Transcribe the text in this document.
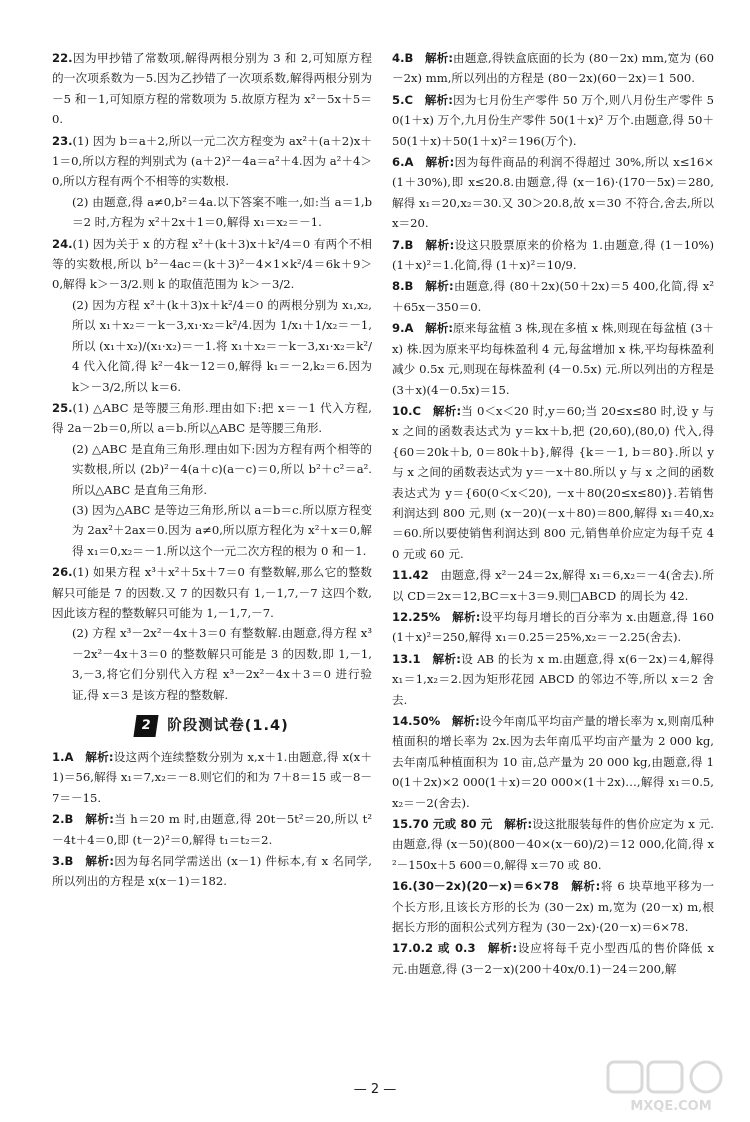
22.因为甲抄错了常数项,解得两根分别为 3 和 2,可知原方程的一次项系数为－5.因为乙抄错了一次项系数,解得两根分别为－5 和－1,可知原方程的常数项为 5.故原方程为 x²－5x＋5＝0.
23.(1) 因为 b＝a＋2,所以一元二次方程变为 ax²＋(a＋2)x＋1＝0,所以方程的判别式为 (a＋2)²－4a＝a²＋4.因为 a²＋4＞0,所以方程有两个不相等的实数根.
(2) 由题意,得 a≠0,b²＝4a.以下答案不唯一,如:当 a＝1,b＝2 时,方程为 x²＋2x＋1＝0,解得 x₁＝x₂＝－1.
24.(1) 因为关于 x 的方程 x²＋(k＋3)x＋k²/4＝0 有两个不相等的实数根,所以 b²－4ac＝(k＋3)²－4×1×k²/4＝6k＋9＞0,解得 k＞－3/2.则 k 的取值范围为 k＞－3/2.
(2) 因为方程 x²＋(k＋3)x＋k²/4＝0 的两根分别为 x₁,x₂,所以 x₁＋x₂＝－k－3,x₁·x₂＝k²/4.因为 1/x₁＋1/x₂＝－1,所以 (x₁＋x₂)/(x₁·x₂)＝－1.将 x₁＋x₂＝－k－3,x₁·x₂＝k²/4 代入化简,得 k²－4k－12＝0,解得 k₁＝－2,k₂＝6.因为 k＞－3/2,所以 k＝6.
25.(1) △ABC 是等腰三角形.理由如下:把 x＝－1 代入方程,得 2a－2b＝0,所以 a＝b.所以△ABC 是等腰三角形.
(2) △ABC 是直角三角形.理由如下:因为方程有两个相等的实数根,所以 (2b)²－4(a＋c)(a－c)＝0,所以 b²＋c²＝a².所以△ABC 是直角三角形.
(3) 因为△ABC 是等边三角形,所以 a＝b＝c.所以原方程变为 2ax²＋2ax＝0.因为 a≠0,所以原方程化为 x²＋x＝0,解得 x₁＝0,x₂＝－1.所以这个一元二次方程的根为 0 和－1.
26.(1) 如果方程 x³＋x²＋5x＋7＝0 有整数解,那么它的整数解只可能是 7 的因数.又 7 的因数只有 1,－1,7,－7 这四个数,因此该方程的整数解只可能为 1,－1,7,－7.
(2) 方程 x³－2x²－4x＋3＝0 有整数解.由题意,得方程 x³－2x²－4x＋3＝0 的整数解只可能是 3 的因数,即 1,－1,3,－3,将它们分别代入方程 x³－2x²－4x＋3＝0 进行验证,得 x＝3 是该方程的整数解.
2	阶段测试卷(1.4)
1.A  解析:设这两个连续整数分别为 x,x＋1.由题意,得 x(x＋1)＝56,解得 x₁＝7,x₂＝－8.则它们的和为 7＋8＝15 或－8－7＝－15.
2.B  解析:当 h＝20 m 时,由题意,得 20t－5t²＝20,所以 t²－4t＋4＝0,即 (t－2)²＝0,解得 t₁＝t₂＝2.
3.B  解析:因为每名同学需送出 (x－1) 件标本,有 x 名同学,所以列出的方程是 x(x－1)＝182.
4.B  解析:由题意,得铁盒底面的长为 (80－2x) mm,宽为 (60－2x) mm,所以列出的方程是 (80－2x)(60－2x)＝1 500.
5.C  解析:因为七月份生产零件 50 万个,则八月份生产零件 50(1＋x) 万个,九月份生产零件 50(1＋x)² 万个.由题意,得 50＋50(1＋x)＋50(1＋x)²＝196(万个).
6.A  解析:因为每件商品的利润不得超过 30%,所以 x≤16×(1＋30%),即 x≤20.8.由题意,得 (x－16)·(170－5x)＝280,解得 x₁＝20,x₂＝30.又 30＞20.8,故 x＝30 不符合,舍去,所以 x＝20.
7.B  解析:设这只股票原来的价格为 1.由题意,得 (1－10%)(1＋x)²＝1.化简,得 (1＋x)²＝10/9.
8.B  解析:由题意,得 (80＋2x)(50＋2x)＝5 400,化简,得 x²＋65x－350＝0.
9.A  解析:原来每盆植 3 株,现在多植 x 株,则现在每盆植 (3＋x) 株.因为原来平均每株盈利 4 元,每盆增加 x 株,平均每株盈利减少 0.5x 元,则现在每株盈利 (4－0.5x) 元.所以列出的方程是 (3＋x)(4－0.5x)＝15.
10.C  解析:当 0＜x＜20 时,y＝60;当 20≤x≤80 时,设 y 与 x 之间的函数表达式为 y＝kx＋b,把 (20,60),(80,0) 代入,得 {60＝20k＋b, 0＝80k＋b},解得 {k＝－1, b＝80}.所以 y 与 x 之间的函数表达式为 y＝－x＋80.所以 y 与 x 之间的函数表达式为 y＝{60(0＜x＜20), －x＋80(20≤x≤80)}.若销售利润达到 800 元,则 (x－20)(－x＋80)＝800,解得 x₁＝40,x₂＝60.所以要使销售利润达到 800 元,销售单价应定为每千克 40 元或 60 元.
11.42  由题意,得 x²－24＝2x,解得 x₁＝6,x₂＝－4(舍去).所以 CD＝2x＝12,BC＝x＋3＝9.则□ABCD 的周长为 42.
12.25%  解析:设平均每月增长的百分率为 x.由题意,得 160(1＋x)²＝250,解得 x₁＝0.25＝25%,x₂＝－2.25(舍去).
13.1  解析:设 AB 的长为 x m.由题意,得 x(6－2x)＝4,解得 x₁＝1,x₂＝2.因为矩形花园 ABCD 的邻边不等,所以 x＝2 舍去.
14.50%  解析:设今年南瓜平均亩产量的增长率为 x,则南瓜种植面积的增长率为 2x.因为去年南瓜平均亩产量为 2 000 kg,去年南瓜种植面积为 10 亩,总产量为 20 000 kg,由题意,得 10(1＋2x)×2 000(1＋x)＝20 000×(1＋2x)…,解得 x₁＝0.5,x₂＝－2(舍去).
15.70 元或 80 元  解析:设这批服装每件的售价应定为 x 元.由题意,得 (x－50)(800－40×(x－60)/2)＝12 000,化简,得 x²－150x＋5 600＝0,解得 x＝70 或 80.
16.(30－2x)(20－x)＝6×78  解析:将 6 块草地平移为一个长方形,且该长方形的长为 (30－2x) m,宽为 (20－x) m,根据长方形的面积公式列方程为 (30－2x)·(20－x)＝6×78.
17.0.2 或 0.3  解析:设应将每千克小型西瓜的售价降低 x 元.由题意,得 (3－2－x)(200＋40x/0.1)－24＝200,解
— 2 —
MXQE.COM
